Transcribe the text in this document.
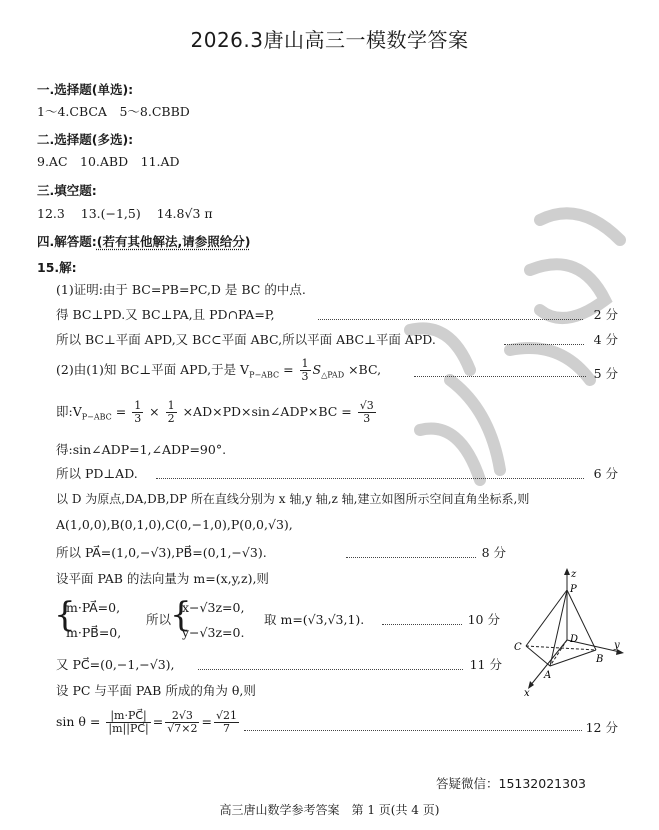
2026.3唐山高三一模数学答案
一.选择题(单选):
1～4.CBCA　5～8.CBBD
二.选择题(多选):
9.AC　10.ABD　11.AD
三.填空题:
12.3 13.(−1,5) 14.8√3 π
四.解答题:(若有其他解法,请参照给分)
15.解:
(1)证明:由于 BC=PB=PC,D 是 BC 的中点.
得 BC⊥PD.又 BC⊥PA,且 PD∩PA=P,	2 分
所以 BC⊥平面 APD,又 BC⊂平面 ABC,所以平面 ABC⊥平面 APD.	4 分
(2)由(1)知 BC⊥平面 APD,于是 $V_{P-ABC} = \frac{1}{3} S_{\triangle PAD} \times BC$,	5 分
即$:V_{P-ABC} = \frac{1}{3} \times \frac{1}{2}$ ×AD×PD×sin∠ADP×BC = $\frac{√3}{3}$
得:sin∠ADP=1,∠ADP=90°.
所以 PD⊥AD.	6 分
以 D 为原点,DA,DB,DP 所在直线分别为 x 轴,y 轴,z 轴,建立如图所示空间直角坐标系,则
A(1,0,0),B(0,1,0),C(0,−1,0),P(0,0,√3),
所以 PA⃗=(1,0,−√3),PB⃗=(0,1,−√3).	8 分
设平面 PAB 的法向量为 m=(x,y,z),则
{
m·PA⃗=0,
m·PB⃗=0,
所以
{
x−√3z=0,
y−√3z=0.
取 m=(√3,√3,1).	10 分
又 PC⃗=(0,−1,−√3),	11 分
设 PC 与平面 PAB 所成的角为 θ,则
$\sin \theta = \frac{|m\cdot PC⃗|}{|m||PC⃗|} = \frac{2√3}{√7\times 2} = \frac{√21}{7}$	12 分
z
P
D
C
B
y
A
x
答疑微信：15132021303
高三唐山数学参考答案　第 1 页(共 4 页)
